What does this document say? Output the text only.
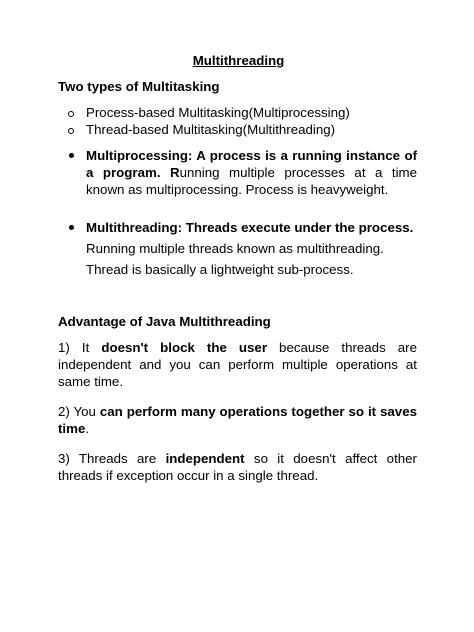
Multithreading

Two types of Multitasking

Process-based Multitasking(Multiprocessing)
Thread-based Multitasking(Multithreading)
Multiprocessing: A process is a running instance of a program. Running multiple processes at a time known as multiprocessing. Process is heavyweight.
Multithreading: Threads execute under the process.
Running multiple threads known as multithreading.
Thread is basically a lightweight sub-process.

Advantage of Java Multithreading

1) It doesn't block the user because threads are independent and you can perform multiple operations at same time.

2) You can perform many operations together so it saves time.

3) Threads are independent so it doesn't affect other threads if exception occur in a single thread.
